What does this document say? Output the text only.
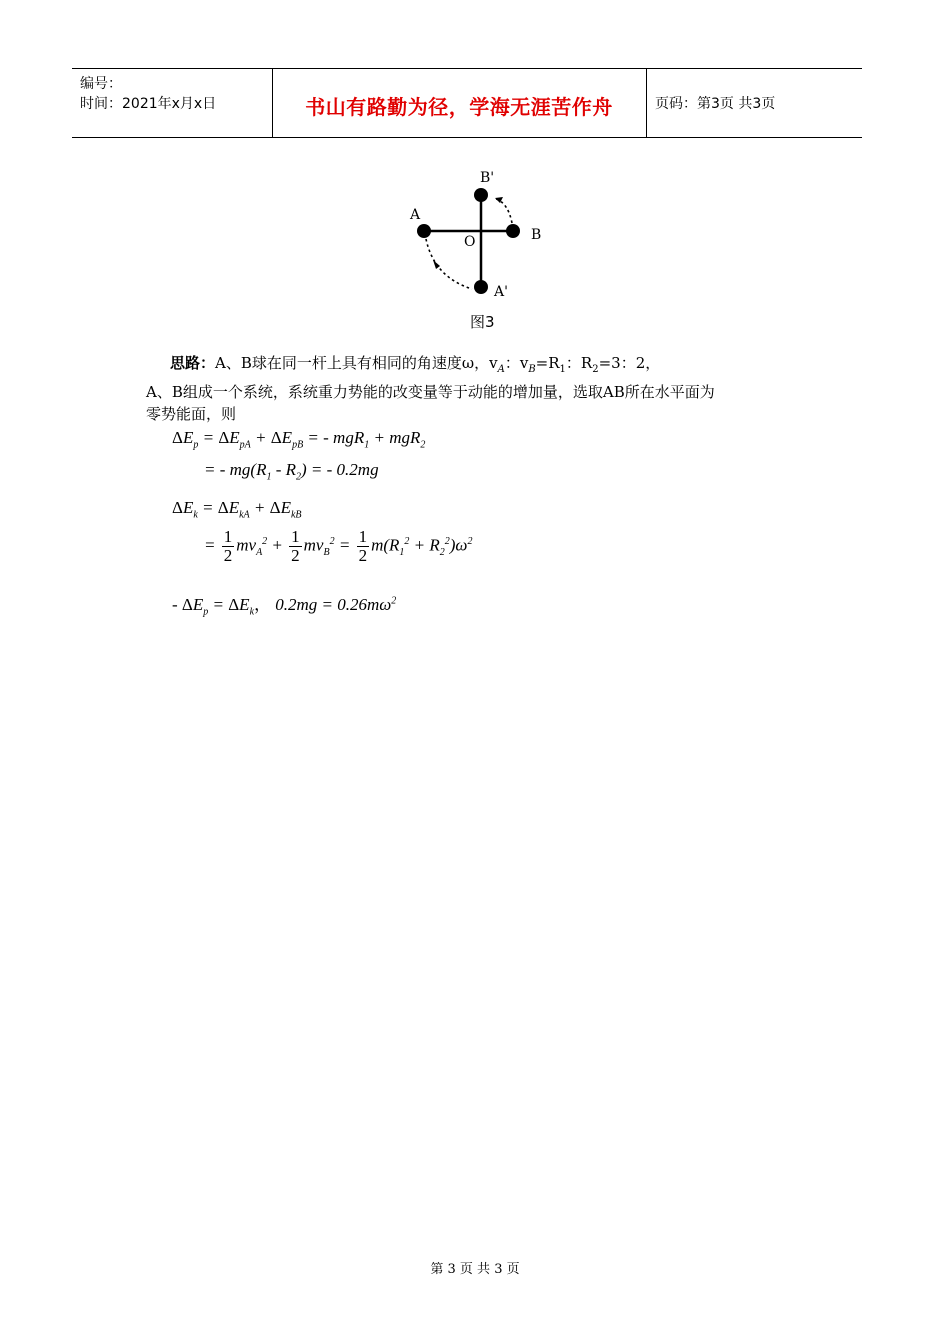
编号：
时间：2021年x月x日	书山有路勤为径，学海无涯苦作舟	页码：第3页 共3页
A
B
B'
A'
O
图3
思路：A、B球在同一杆上具有相同的角速度ω，$v_A$：$v_B=R_1$：$R_2=3$：2，
A、B组成一个系统，系统重力势能的改变量等于动能的增加量，选取AB所在水平面为
零势能面，则
$\Delta E_p = \Delta E_{pA} + \Delta E_{pB}$ = - mgR$_1$ + mgR$_2$
= - $mg(R_1 - R_2)$ = - 0.2mg
$\Delta E_k = \Delta E_{kA} + \Delta E_{kB}$
= $\frac{1}{2} mv_A^2 + \frac{1}{2} mv_B^2 = \frac{1}{2} m(R_1^2 + R_2^2)\omega^2$
- $\Delta E_p = \Delta E_k$， $0.2mg = 0.26m\omega^2$
第 3 页 共 3 页
